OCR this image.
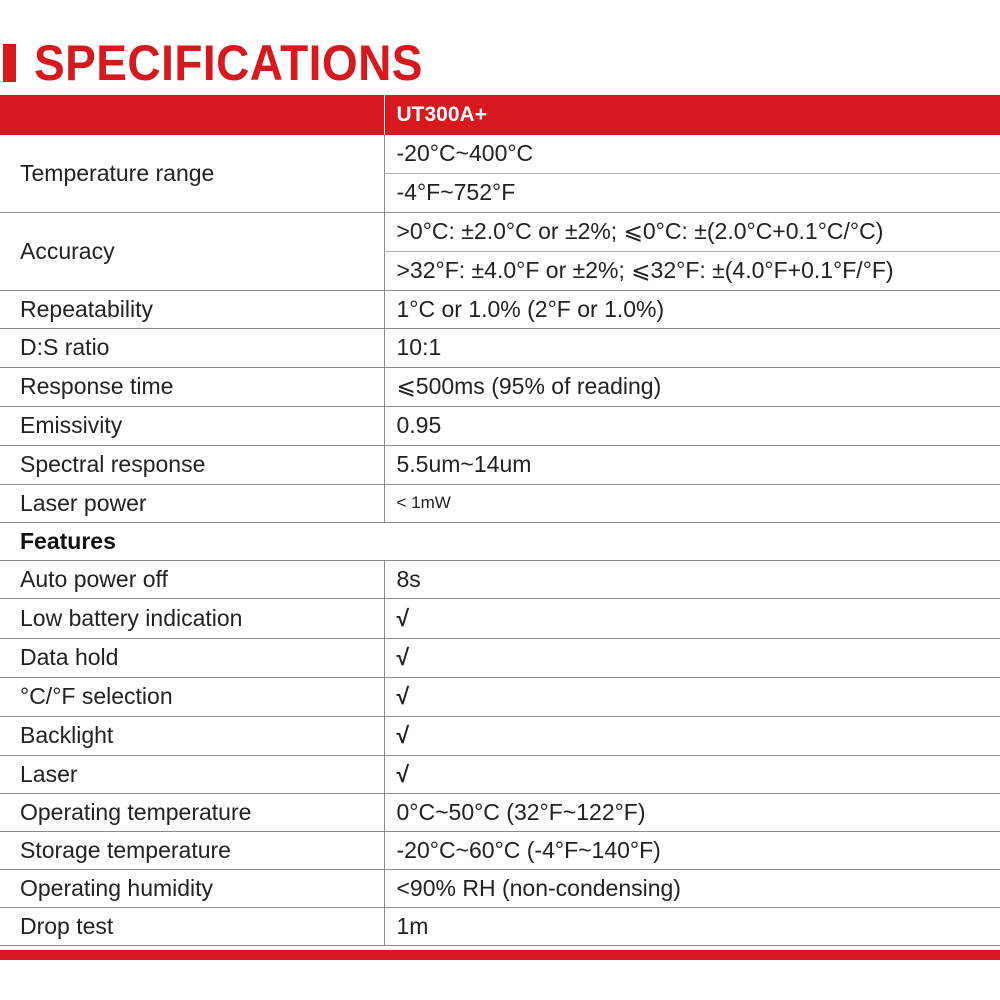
SPECIFICATIONS
	UT300A+
Temperature range	-20°C~400°C
	-4°F~752°F
Accuracy	>0°C: ±2.0°C or ±2%; ⩽0°C: ±(2.0°C+0.1°C/°C)
	>32°F: ±4.0°F or ±2%; ⩽32°F: ±(4.0°F+0.1°F/°F)
Repeatability	1°C or 1.0% (2°F or 1.0%)
D:S ratio	10:1
Response time	⩽500ms (95% of reading)
Emissivity	0.95
Spectral response	5.5um~14um
Laser power	< 1mW
Features	
Auto power off	8s
Low battery indication	√
Data hold	√
°C/°F selection	√
Backlight	√
Laser	√
Operating temperature	0°C~50°C (32°F~122°F)
Storage temperature	-20°C~60°C (-4°F~140°F)
Operating humidity	<90% RH (non-condensing)
Drop test	1m
